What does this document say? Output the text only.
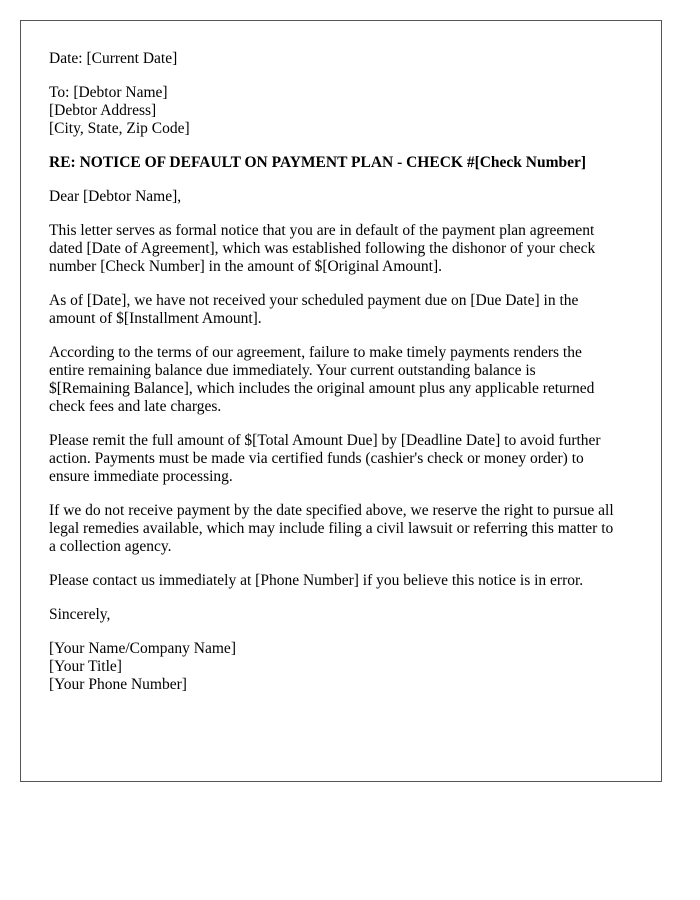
Date: [Current Date]
To: [Debtor Name]
[Debtor Address]
[City, State, Zip Code]
RE: NOTICE OF DEFAULT ON PAYMENT PLAN - CHECK #[Check Number]
Dear [Debtor Name],
This letter serves as formal notice that you are in default of the payment plan agreement
dated [Date of Agreement], which was established following the dishonor of your check
number [Check Number] in the amount of $[Original Amount].
As of [Date], we have not received your scheduled payment due on [Due Date] in the
amount of $[Installment Amount].
According to the terms of our agreement, failure to make timely payments renders the
entire remaining balance due immediately. Your current outstanding balance is
$[Remaining Balance], which includes the original amount plus any applicable returned
check fees and late charges.
Please remit the full amount of $[Total Amount Due] by [Deadline Date] to avoid further
action. Payments must be made via certified funds (cashier's check or money order) to
ensure immediate processing.
If we do not receive payment by the date specified above, we reserve the right to pursue all
legal remedies available, which may include filing a civil lawsuit or referring this matter to
a collection agency.
Please contact us immediately at [Phone Number] if you believe this notice is in error.
Sincerely,
[Your Name/Company Name]
[Your Title]
[Your Phone Number]
